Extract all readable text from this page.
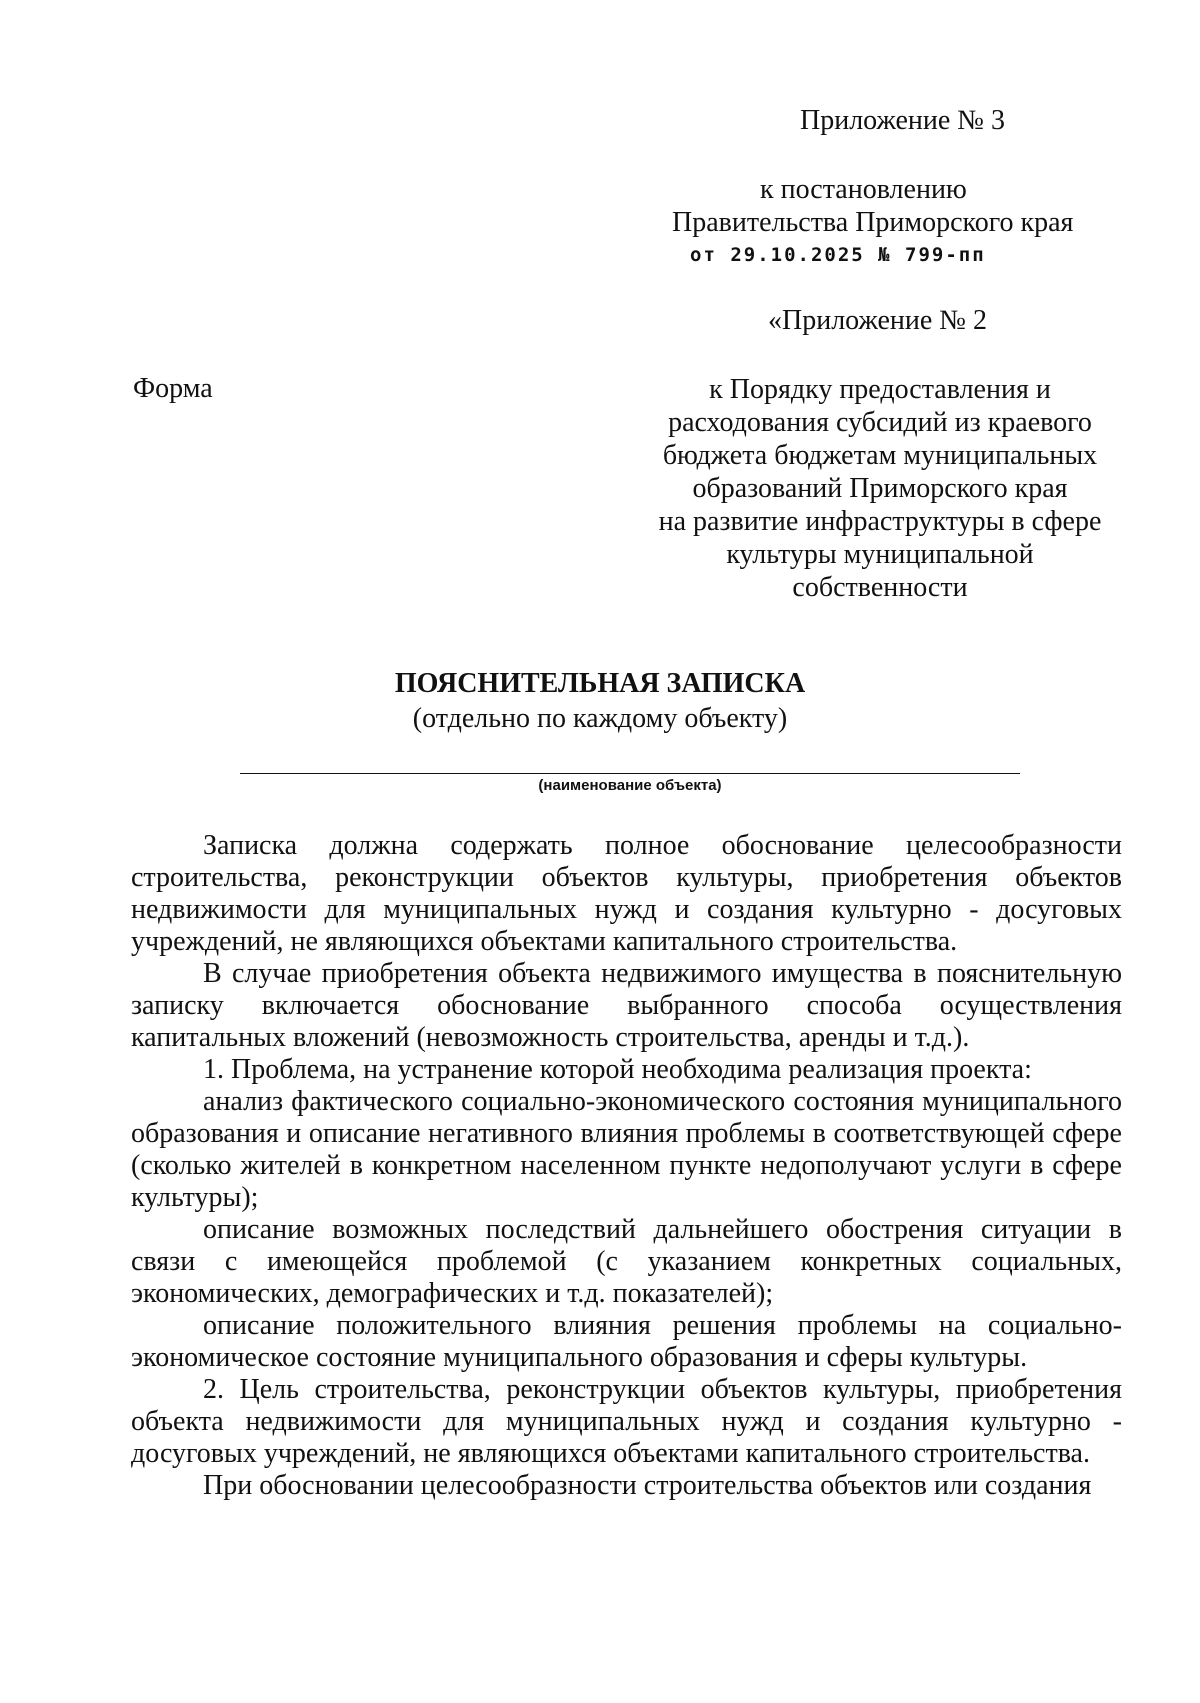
Приложение № 3
к постановлению
Правительства Приморского края
от 29.10.2025 № 799-пп
«Приложение № 2
Форма	к Порядку предоставления и
расходования субсидий из краевого
бюджета бюджетам муниципальных
образований Приморского края
на развитие инфраструктуры в сфере
культуры муниципальной
собственности
ПОЯСНИТЕЛЬНАЯ ЗАПИСКА
(отдельно по каждому объекту)
(наименование объекта)

Записка должна содержать полное обоснование целесообразности строительства, реконструкции объектов культуры, приобретения объектов недвижимости для муниципальных нужд и создания культурно - досуговых учреждений, не являющихся объектами капитального строительства.

В случае приобретения объекта недвижимого имущества в пояснительную записку включается обоснование выбранного способа осуществления капитальных вложений (невозможность строительства, аренды и т.д.).

1. Проблема, на устранение которой необходима реализация проекта:

анализ фактического социально-экономического состояния муниципального образования и описание негативного влияния проблемы в соответствующей сфере (сколько жителей в конкретном населенном пункте недополучают услуги в сфере культуры);

описание возможных последствий дальнейшего обострения ситуации в связи с имеющейся проблемой (с указанием конкретных социальных, экономических, демографических и т.д. показателей);

описание положительного влияния решения проблемы на социально-экономическое состояние муниципального образования и сферы культуры.

2. Цель строительства, реконструкции объектов культуры, приобретения объекта недвижимости для муниципальных нужд и создания культурно - досуговых учреждений, не являющихся объектами капитального строительства.

При обосновании целесообразности строительства объектов или создания
